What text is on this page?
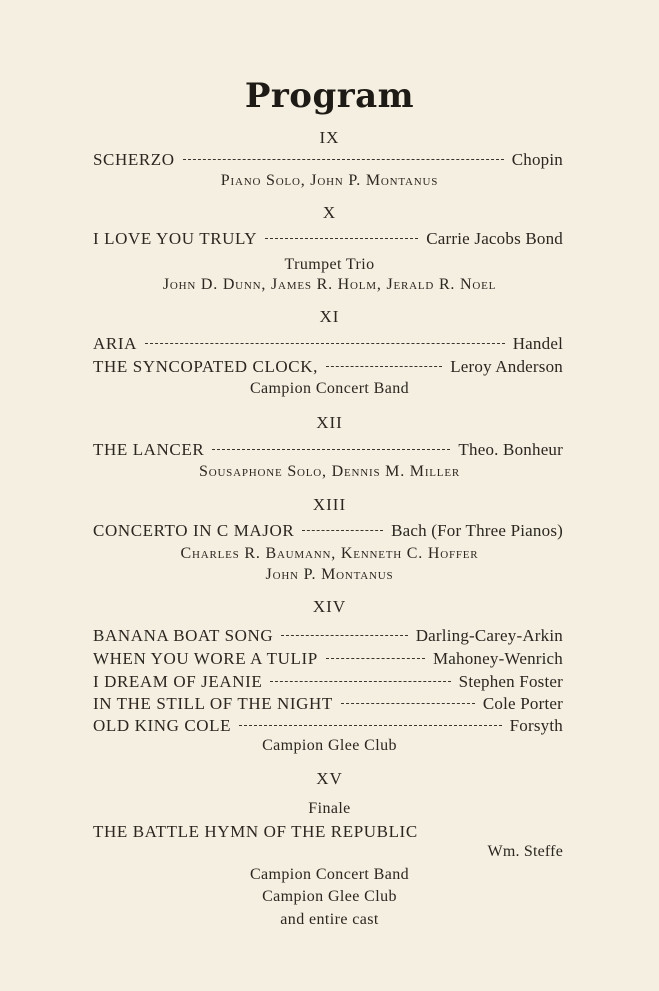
Program
IX
SCHERZO	Chopin
Piano Solo, John P. Montanus
X
I LOVE YOU TRULY	Carrie Jacobs Bond
Trumpet Trio
John D. Dunn, James R. Holm, Jerald R. Noel
XI
ARIA	Handel
THE SYNCOPATED CLOCK,	Leroy Anderson
Campion Concert Band
XII
THE LANCER	Theo. Bonheur
Sousaphone Solo, Dennis M. Miller
XIII
CONCERTO IN C MAJOR	Bach (For Three Pianos)
Charles R. Baumann, Kenneth C. Hoffer
John P. Montanus
XIV
BANANA BOAT SONG	Darling-Carey-Arkin
WHEN YOU WORE A TULIP	Mahoney-Wenrich
I DREAM OF JEANIE	Stephen Foster
IN THE STILL OF THE NIGHT	Cole Porter
OLD KING COLE	Forsyth
Campion Glee Club
XV
Finale
THE BATTLE HYMN OF THE REPUBLIC
Wm. Steffe
Campion Concert Band
Campion Glee Club
and entire cast
